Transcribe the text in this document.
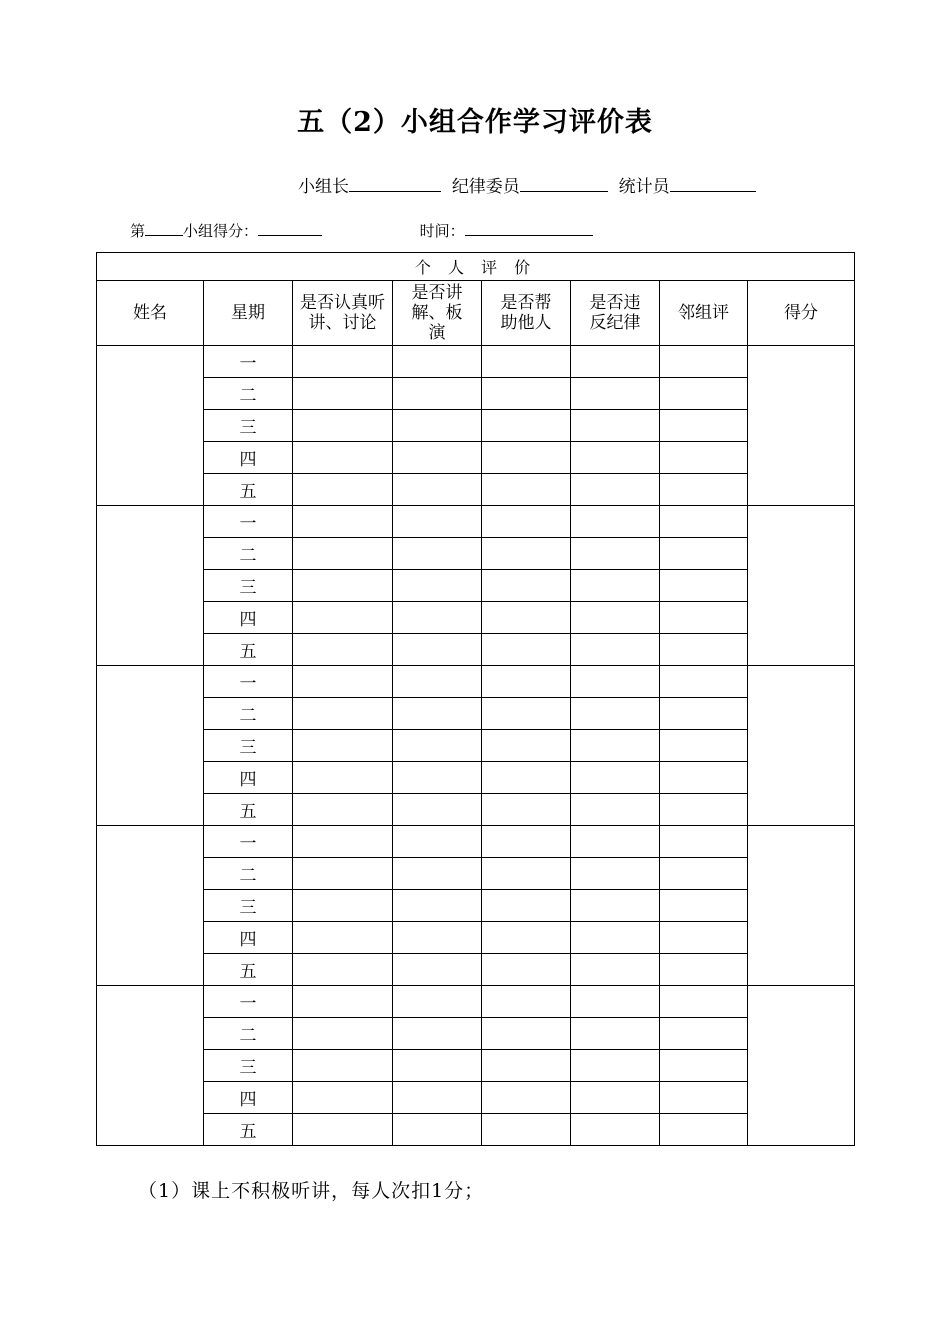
五（2）小组合作学习评价表
小组长	纪律委员	统计员
第	小组得分：	时间：
个 人 评 价							
姓名	星期	是否认真听讲、讨论	是否讲解、板演	是否帮助他人	是否违反纪律	邻组评	得分
	一						
	二						
	三						
	四						
	五						
	一						
	二						
	三						
	四						
	五						
	一						
	二						
	三						
	四						
	五						
	一						
	二						
	三						
	四						
	五						
	一						
	二						
	三						
	四						
	五						
（1）课上不积极听讲，每人次扣1分；
